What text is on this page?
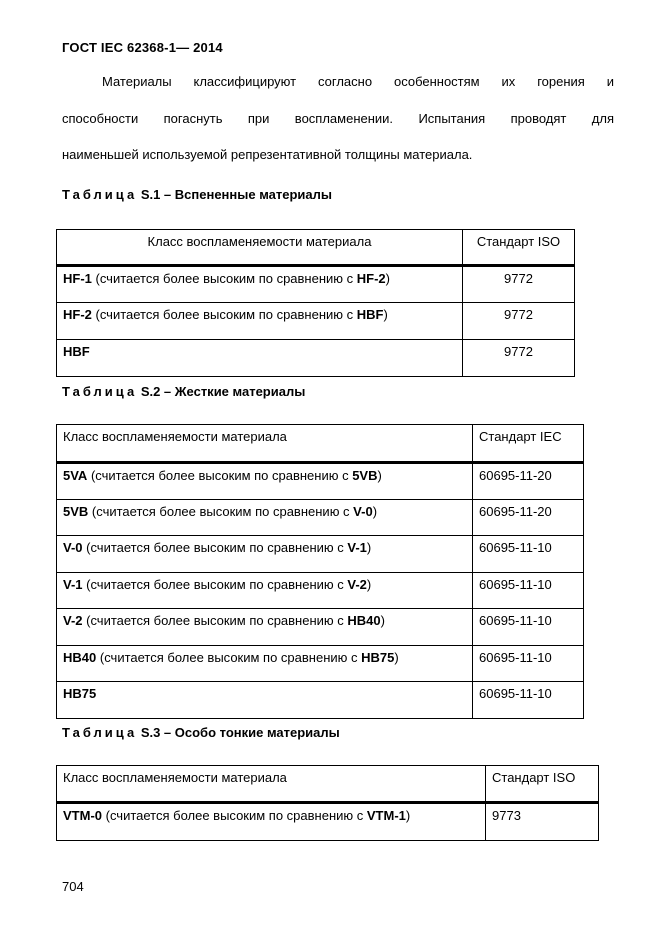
ГОСТ IEC 62368-1— 2014
Материалы классифицируют согласно особенностям их горения и
способности погаснуть при воспламенении. Испытания проводят для
наименьшей используемой репрезентативной толщины материала.
Таблица S.1 – Вспененные материалы
Класс воспламеняемости материала	Стандарт ISO
HF-1 (считается более высоким по сравнению с HF-2)	9772
HF-2 (считается более высоким по сравнению с HBF)	9772
HBF	9772
Таблица S.2 – Жесткие материалы
Класс воспламеняемости материала	Стандарт IEC
5VA (считается более высоким по сравнению с 5VB)	60695-11-20
5VB (считается более высоким по сравнению с V-0)	60695-11-20
V-0 (считается более высоким по сравнению с V-1)	60695-11-10
V-1 (считается более высоким по сравнению с V-2)	60695-11-10
V-2 (считается более высоким по сравнению с HB40)	60695-11-10
HB40 (считается более высоким по сравнению с HB75)	60695-11-10
HB75	60695-11-10
Таблица S.3 – Особо тонкие материалы
Класс воспламеняемости материала	Стандарт ISO
VTM-0 (считается более высоким по сравнению с VTM-1)	9773
704
